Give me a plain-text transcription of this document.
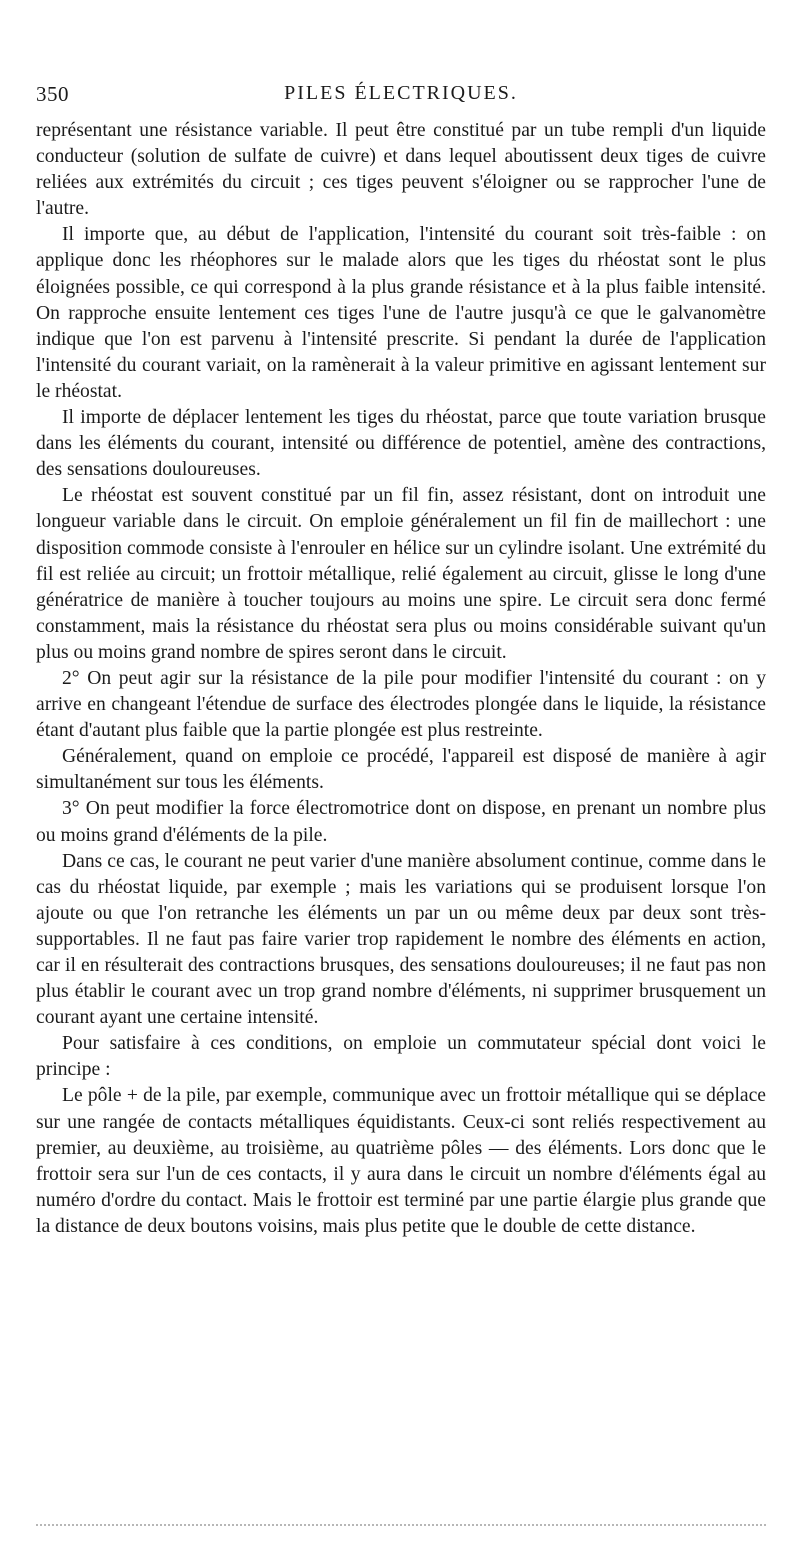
350	PILES ÉLECTRIQUES.

représentant une résistance variable. Il peut être constitué par un tube rempli d'un liquide conducteur (solution de sulfate de cuivre) et dans lequel aboutissent deux tiges de cuivre reliées aux extrémités du circuit ; ces tiges peuvent s'éloigner ou se rapprocher l'une de l'autre.

Il importe que, au début de l'application, l'intensité du courant soit très-faible : on applique donc les rhéophores sur le malade alors que les tiges du rhéostat sont le plus éloignées possible, ce qui correspond à la plus grande résistance et à la plus faible intensité. On rapproche ensuite lentement ces tiges l'une de l'autre jusqu'à ce que le galvanomètre indique que l'on est parvenu à l'intensité prescrite. Si pendant la durée de l'application l'intensité du courant variait, on la ramènerait à la valeur primitive en agissant lentement sur le rhéostat.

Il importe de déplacer lentement les tiges du rhéostat, parce que toute variation brusque dans les éléments du courant, intensité ou différence de potentiel, amène des contractions, des sensations douloureuses.

Le rhéostat est souvent constitué par un fil fin, assez résistant, dont on introduit une longueur variable dans le circuit. On emploie généralement un fil fin de maillechort : une disposition commode consiste à l'enrouler en hélice sur un cylindre isolant. Une extrémité du fil est reliée au circuit; un frottoir métallique, relié également au circuit, glisse le long d'une génératrice de manière à toucher toujours au moins une spire. Le circuit sera donc fermé constamment, mais la résistance du rhéostat sera plus ou moins considérable suivant qu'un plus ou moins grand nombre de spires seront dans le circuit.

2° On peut agir sur la résistance de la pile pour modifier l'intensité du courant : on y arrive en changeant l'étendue de surface des électrodes plongée dans le liquide, la résistance étant d'autant plus faible que la partie plongée est plus restreinte.

Généralement, quand on emploie ce procédé, l'appareil est disposé de manière à agir simultanément sur tous les éléments.

3° On peut modifier la force électromotrice dont on dispose, en prenant un nombre plus ou moins grand d'éléments de la pile.

Dans ce cas, le courant ne peut varier d'une manière absolument continue, comme dans le cas du rhéostat liquide, par exemple ; mais les variations qui se produisent lorsque l'on ajoute ou que l'on retranche les éléments un par un ou même deux par deux sont très-supportables. Il ne faut pas faire varier trop rapidement le nombre des éléments en action, car il en résulterait des contractions brusques, des sensations douloureuses; il ne faut pas non plus établir le courant avec un trop grand nombre d'éléments, ni supprimer brusquement un courant ayant une certaine intensité.

Pour satisfaire à ces conditions, on emploie un commutateur spécial dont voici le principe :

Le pôle + de la pile, par exemple, communique avec un frottoir métallique qui se déplace sur une rangée de contacts métalliques équidistants. Ceux-ci sont reliés respectivement au premier, au deuxième, au troisième, au quatrième pôles — des éléments. Lors donc que le frottoir sera sur l'un de ces contacts, il y aura dans le circuit un nombre d'éléments égal au numéro d'ordre du contact. Mais le frottoir est terminé par une partie élargie plus grande que la distance de deux boutons voisins, mais plus petite que le double de cette distance.
